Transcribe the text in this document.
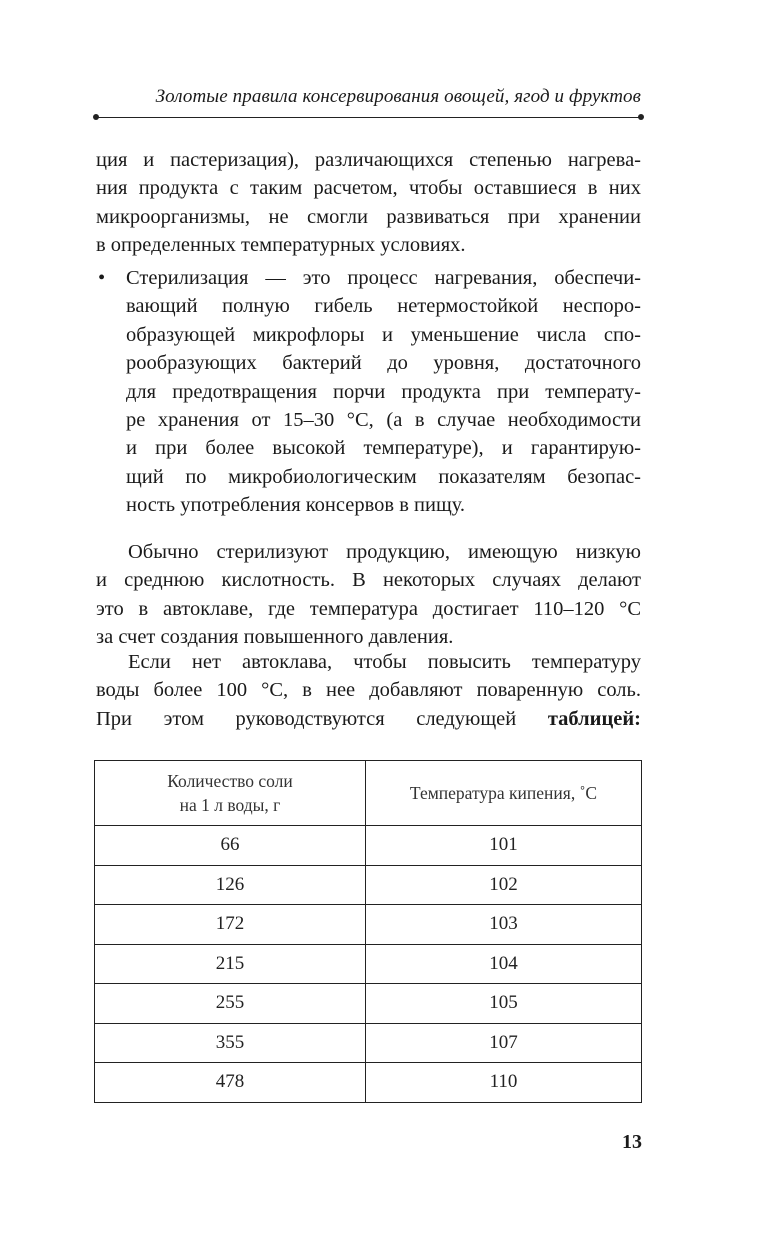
Золотые правила консервирования овощей, ягод и фруктов
ция и пастеризация), различающихся степенью нагрева-
ния продукта с таким расчетом, чтобы оставшиеся в них
микроорганизмы, не смогли развиваться при хранении
в определенных температурных условиях.
• Стерилизация — это процесс нагревания, обеспечи-
вающий полную гибель нетермостойкой неспоро-
образующей микрофлоры и уменьшение числа спо-
рообразующих бактерий до уровня, достаточного
для предотвращения порчи продукта при температу-
ре хранения от 15–30 °С, (а в случае необходимости
и при более высокой температуре), и гарантирую-
щий по микробиологическим показателям безопас-
ность употребления консервов в пищу.
Обычно стерилизуют продукцию, имеющую низкую
и среднюю кислотность. В некоторых случаях делают
это в автоклаве, где температура достигает 110–120 °С
за счет создания повышенного давления.
Если нет автоклава, чтобы повысить температуру
воды более 100 °С, в нее добавляют поваренную соль.
При этом руководствуются следующей таблицей:
Количество соли
на 1 л воды, г	Температура кипения, ˚С
66	101
126	102
172	103
215	104
255	105
355	107
478	110
13
